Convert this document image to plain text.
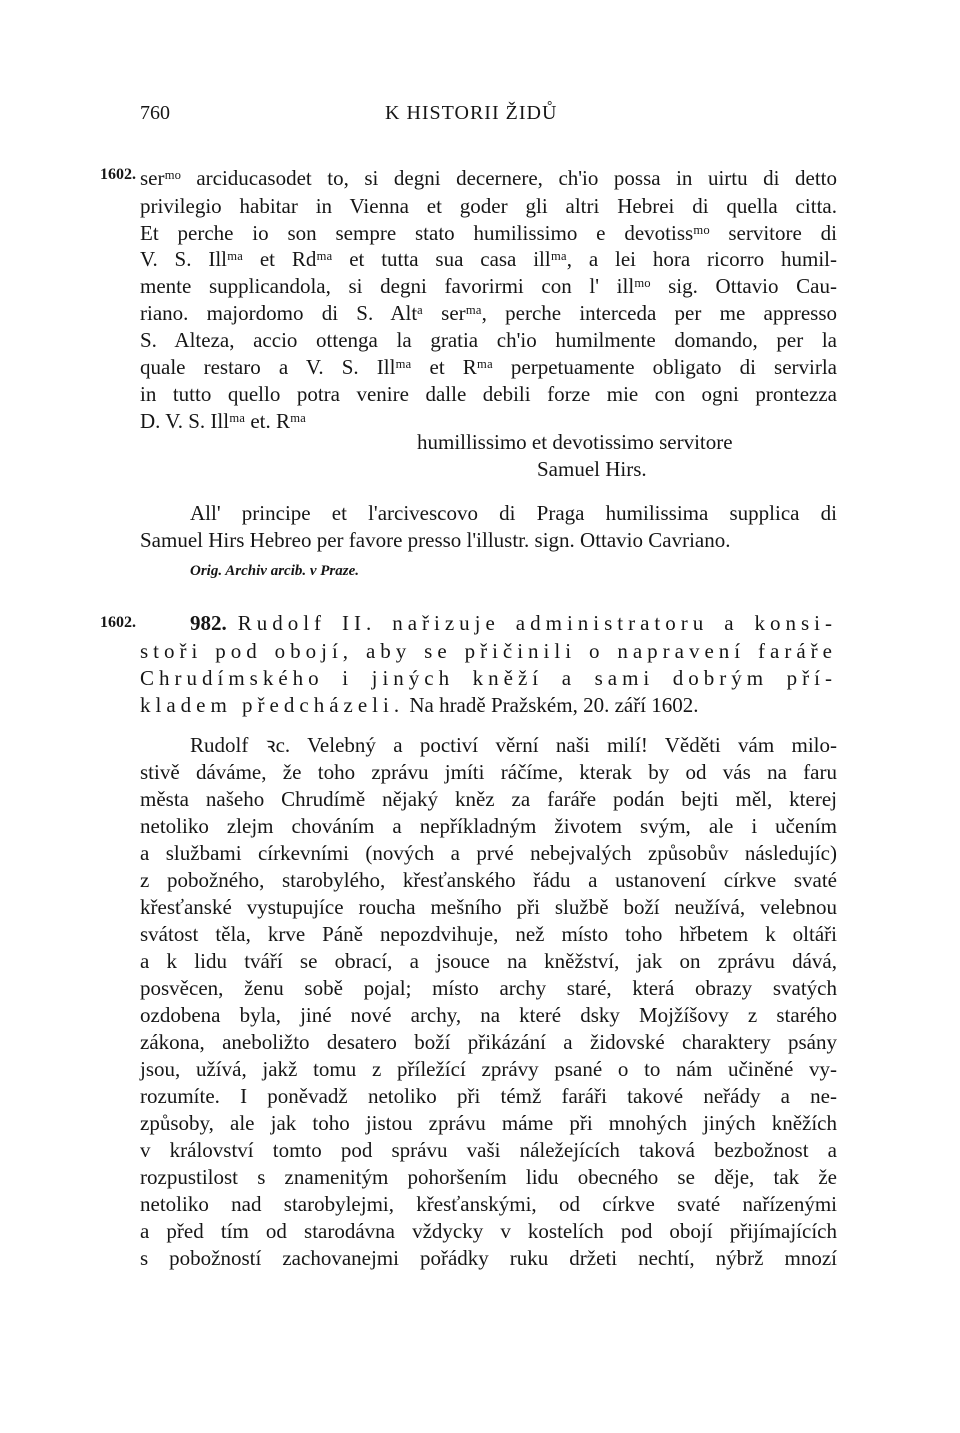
760	K HISTORII ŽIDŮ
1602. serᵐᵒ arciducasodet to, si degni decernere, ch'io possa in uirtu di detto
privilegio habitar in Vienna et goder gli altri Hebrei di quella citta.
Et perche io son sempre stato humilissimo e devotissᵐᵒ servitore di
V. S. Illᵐᵃ et Rdᵐᵃ et tutta sua casa illᵐᵃ, a lei hora ricorro humil-
mente supplicandola, si degni favorirmi con l' illᵐᵒ sig. Ottavio Cau-
riano. majordomo di S. Altᵃ serᵐᵃ, perche interceda per me appresso
S. Alteza, accio ottenga la gratia ch'io humilmente domando, per la
quale restaro a V. S. Illᵐᵃ et Rᵐᵃ perpetuamente obligato di servirla
in tutto quello potra venire dalle debili forze mie con ogni prontezza
D. V. S. Illᵐᵃ et. Rᵐᵃ
humillissimo et devotissimo servitore
Samuel Hirs.
All' principe et l'arcivescovo di Praga humilissima supplica di
Samuel Hirs Hebreo per favore presso l'illustr. sign. Ottavio Cavriano.
Orig. Archiv arcib. v Praze.
1602.	982. Rudolf II. nařizuje administratoru a konsi-
stoři pod obojí, aby se přičinili o napravení faráře
Chrudímského i jiných kněží a sami dobrým pří-
kladem předcházeli. Na hradě Pražském, 20. září 1602.
Rudolf ꝛc. Velebný a poctiví věrní naši milí! Věděti vám milo-
stivě dáváme, že toho zprávu jmíti ráčíme, kterak by od vás na faru
města našeho Chrudímě nějaký kněz za faráře podán bejti měl, kterej
netoliko zlejm chováním a nepříkladným životem svým, ale i učením
a službami církevními (nových a prvé nebejvalých způsobův následujíc)
z pobožného, starobylého, křesťanského řádu a ustanovení církve svaté
křesťanské vystupujíce roucha mešního při službě boží neužívá, velebnou
svátost těla, krve Páně nepozdvihuje, než místo toho hřbetem k oltáři
a k lidu tváří se obrací, a jsouce na kněžství, jak on zprávu dává,
posvěcen, ženu sobě pojal; místo archy staré, která obrazy svatých
ozdobena byla, jiné nové archy, na které dsky Mojžíšovy z starého
zákona, aneboližto desatero boží přikázání a židovské charaktery psány
jsou, užívá, jakž tomu z příležící zprávy psané o to nám učiněné vy-
rozumíte. I poněvadž netoliko při témž faráři takové neřády a ne-
způsoby, ale jak toho jistou zprávu máme při mnohých jiných kněžích
v království tomto pod správu vaši náležejících taková bezbožnost a
rozpustilost s znamenitým pohoršením lidu obecného se děje, tak že
netoliko nad starobylejmi, křesťanskými, od církve svaté nařízenými
a před tím od starodávna vždycky v kostelích pod obojí přijímajících
s pobožností zachovanejmi pořádky ruku držeti nechtí, nýbrž mnozí
